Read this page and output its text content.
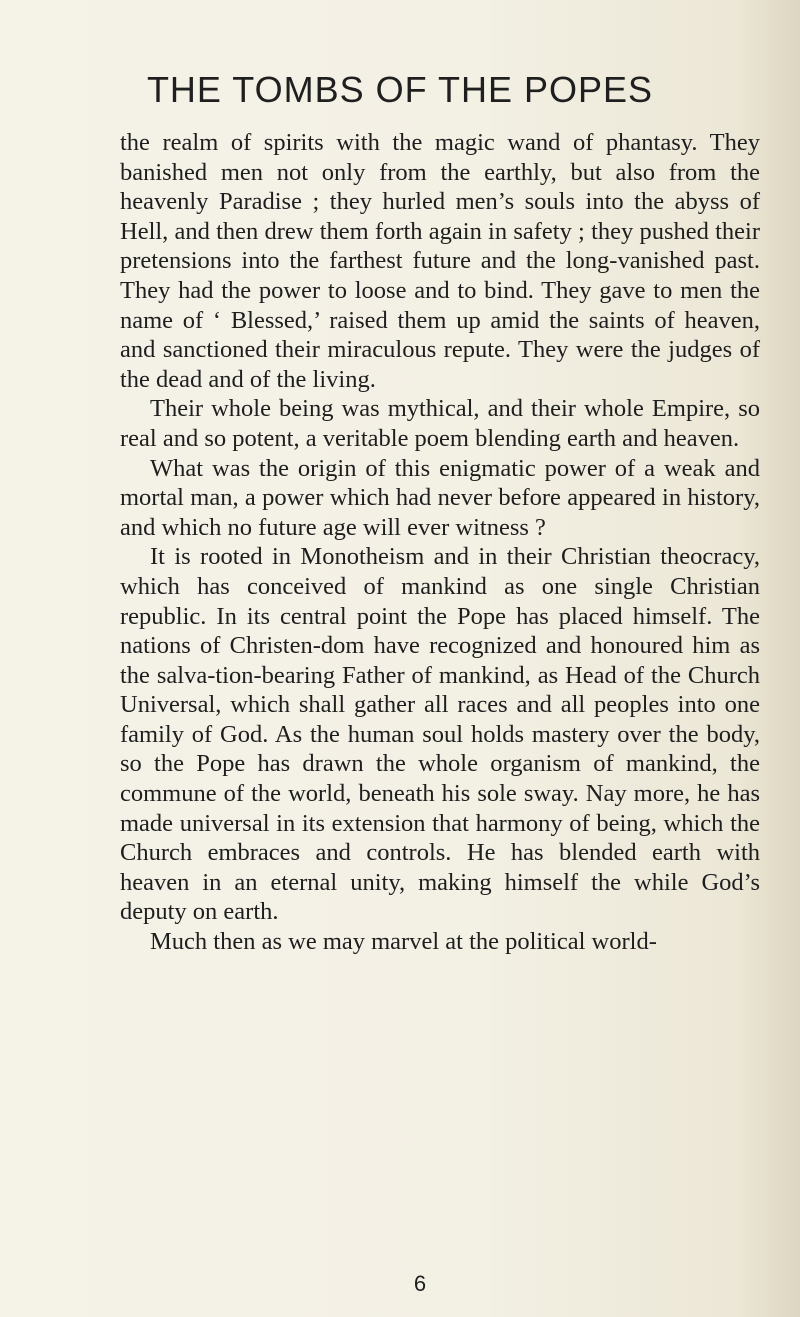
THE TOMBS OF THE POPES

the realm of spirits with the magic wand of phantasy. They banished men not only from the earthly, but also from the heavenly Paradise ; they hurled men’s souls into the abyss of Hell, and then drew them forth again in safety ; they pushed their pretensions into the farthest future and the long-vanished past. They had the power to loose and to bind. They gave to men the name of ‘ Blessed,’ raised them up amid the saints of heaven, and sanctioned their miraculous repute. They were the judges of the dead and of the living.

Their whole being was mythical, and their whole Empire, so real and so potent, a veritable poem blending earth and heaven.

What was the origin of this enigmatic power of a weak and mortal man, a power which had never before appeared in history, and which no future age will ever witness ?

It is rooted in Monotheism and in their Christian theocracy, which has conceived of mankind as one single Christian republic. In its central point the Pope has placed himself. The nations of Christen-dom have recognized and honoured him as the salva-tion-bearing Father of mankind, as Head of the Church Universal, which shall gather all races and all peoples into one family of God. As the human soul holds mastery over the body, so the Pope has drawn the whole organism of mankind, the commune of the world, beneath his sole sway. Nay more, he has made universal in its extension that harmony of being, which the Church embraces and controls. He has blended earth with heaven in an eternal unity, making himself the while God’s deputy on earth.

Much then as we may marvel at the political world-

6
